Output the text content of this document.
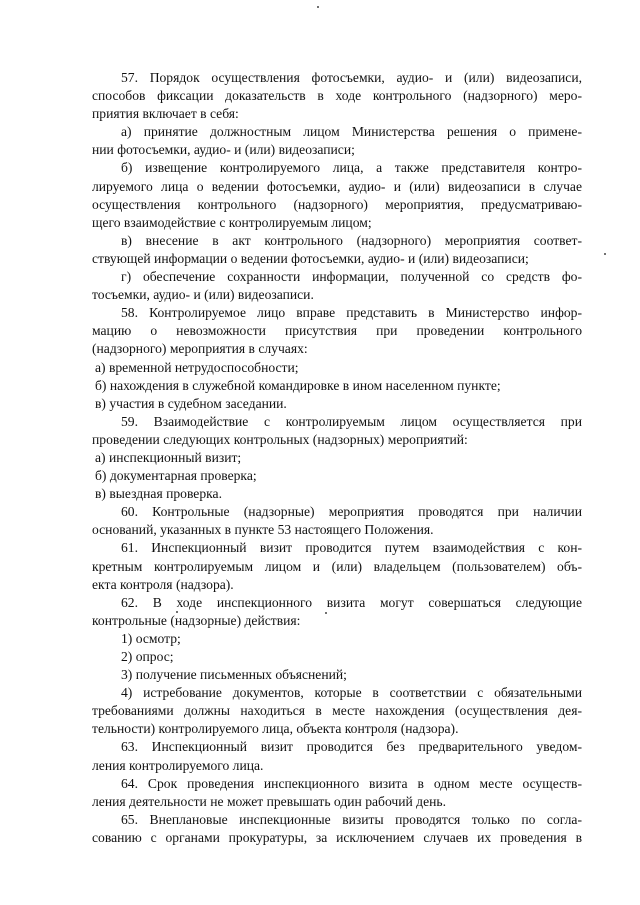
57. Порядок осуществления фотосъемки, аудио- и (или) видеозаписи,
способов фиксации доказательств в ходе контрольного (надзорного) меро-
приятия включает в себя:
а) принятие должностным лицом Министерства решения о примене-
нии фотосъемки, аудио- и (или) видеозаписи;
б) извещение контролируемого лица, а также представителя контро-
лируемого лица о ведении фотосъемки, аудио- и (или) видеозаписи в случае
осуществления контрольного (надзорного) мероприятия, предусматриваю-
щего взаимодействие с контролируемым лицом;
в) внесение в акт контрольного (надзорного) мероприятия соответ-
ствующей информации о ведении фотосъемки, аудио- и (или) видеозаписи;
г) обеспечение сохранности информации, полученной со средств фо-
тосъемки, аудио- и (или) видеозаписи.
58. Контролируемое лицо вправе представить в Министерство инфор-
мацию о невозможности присутствия при проведении контрольного
(надзорного) мероприятия в случаях:
а) временной нетрудоспособности;
б) нахождения в служебной командировке в ином населенном пункте;
в) участия в судебном заседании.
59. Взаимодействие с контролируемым лицом осуществляется при
проведении следующих контрольных (надзорных) мероприятий:
а) инспекционный визит;
б) документарная проверка;
в) выездная проверка.
60. Контрольные (надзорные) мероприятия проводятся при наличии
оснований, указанных в пункте 53 настоящего Положения.
61. Инспекционный визит проводится путем взаимодействия с кон-
кретным контролируемым лицом и (или) владельцем (пользователем) объ-
екта контроля (надзора).
62. В ходе инспекционного визита могут совершаться следующие
контрольные (надзорные) действия:
1) осмотр;
2) опрос;
3) получение письменных объяснений;
4) истребование документов, которые в соответствии с обязательными
требованиями должны находиться в месте нахождения (осуществления дея-
тельности) контролируемого лица, объекта контроля (надзора).
63. Инспекционный визит проводится без предварительного уведом-
ления контролируемого лица.
64. Срок проведения инспекционного визита в одном месте осуществ-
ления деятельности не может превышать один рабочий день.
65. Внеплановые инспекционные визиты проводятся только по согла-
сованию с органами прокуратуры, за исключением случаев их проведения в
